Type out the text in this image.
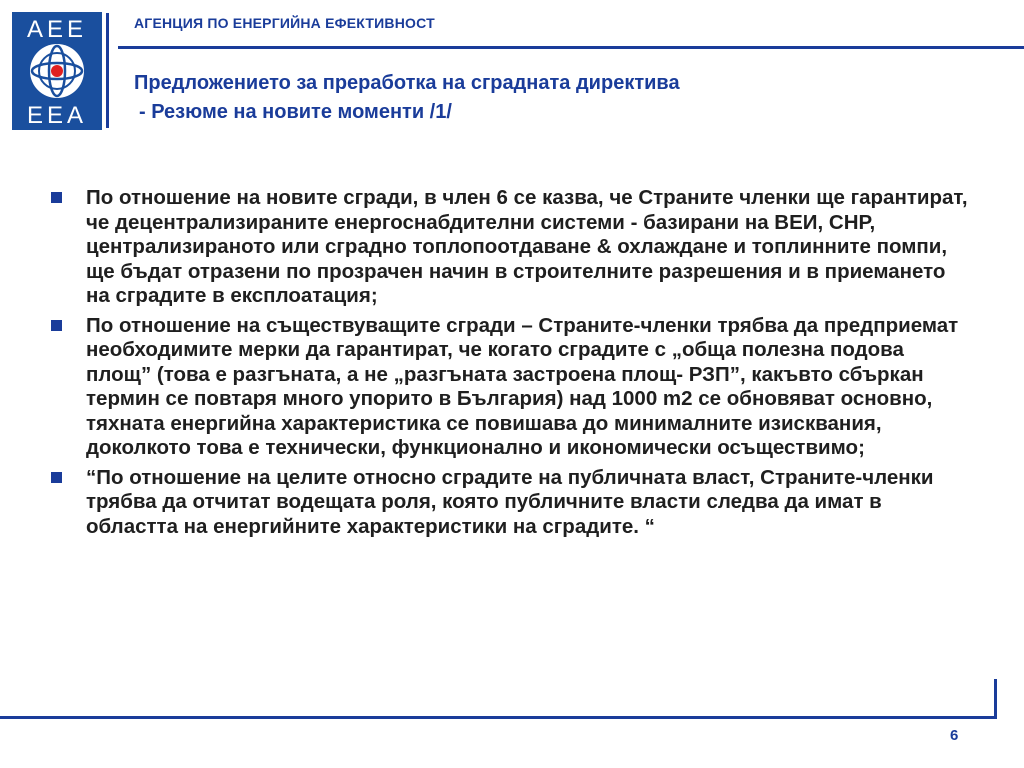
AEE
EEA
АГЕНЦИЯ ПО ЕНЕРГИЙНА ЕФЕКТИВНОСТ
Предложението за преработка на сградната директива
- Резюме на новите моменти /1/
По отношение на новите сгради, в член 6 се казва, че Страните членки ще гарантират, че децентрализираните енергоснабдителни системи - базирани на ВЕИ, CHP, централизираното или сградно топлопоотдаване & охлаждане и топлинните помпи, ще бъдат отразени по прозрачен начин в строителните разрешения и в приемането на сградите в експлоатация;
По отношение на съществуващите сгради – Страните-членки трябва да предприемат необходимите мерки да гарантират, че когато сградите с „обща полезна подова площ” (това е разгъната, а не „разгъната застроена площ- РЗП”, какъвто сбъркан термин се повтаря много упорито в България) над 1000 m2 се обновяват основно, тяхната енергийна характеристика се повишава до минималните изисквания, доколкото това е технически, функционално и икономически осъществимо;
“По отношение на целите относно сградите на публичната власт, Страните-членки трябва да отчитат водещата роля, която публичните власти следва да имат в областта на енергийните характеристики на сградите. “
6
